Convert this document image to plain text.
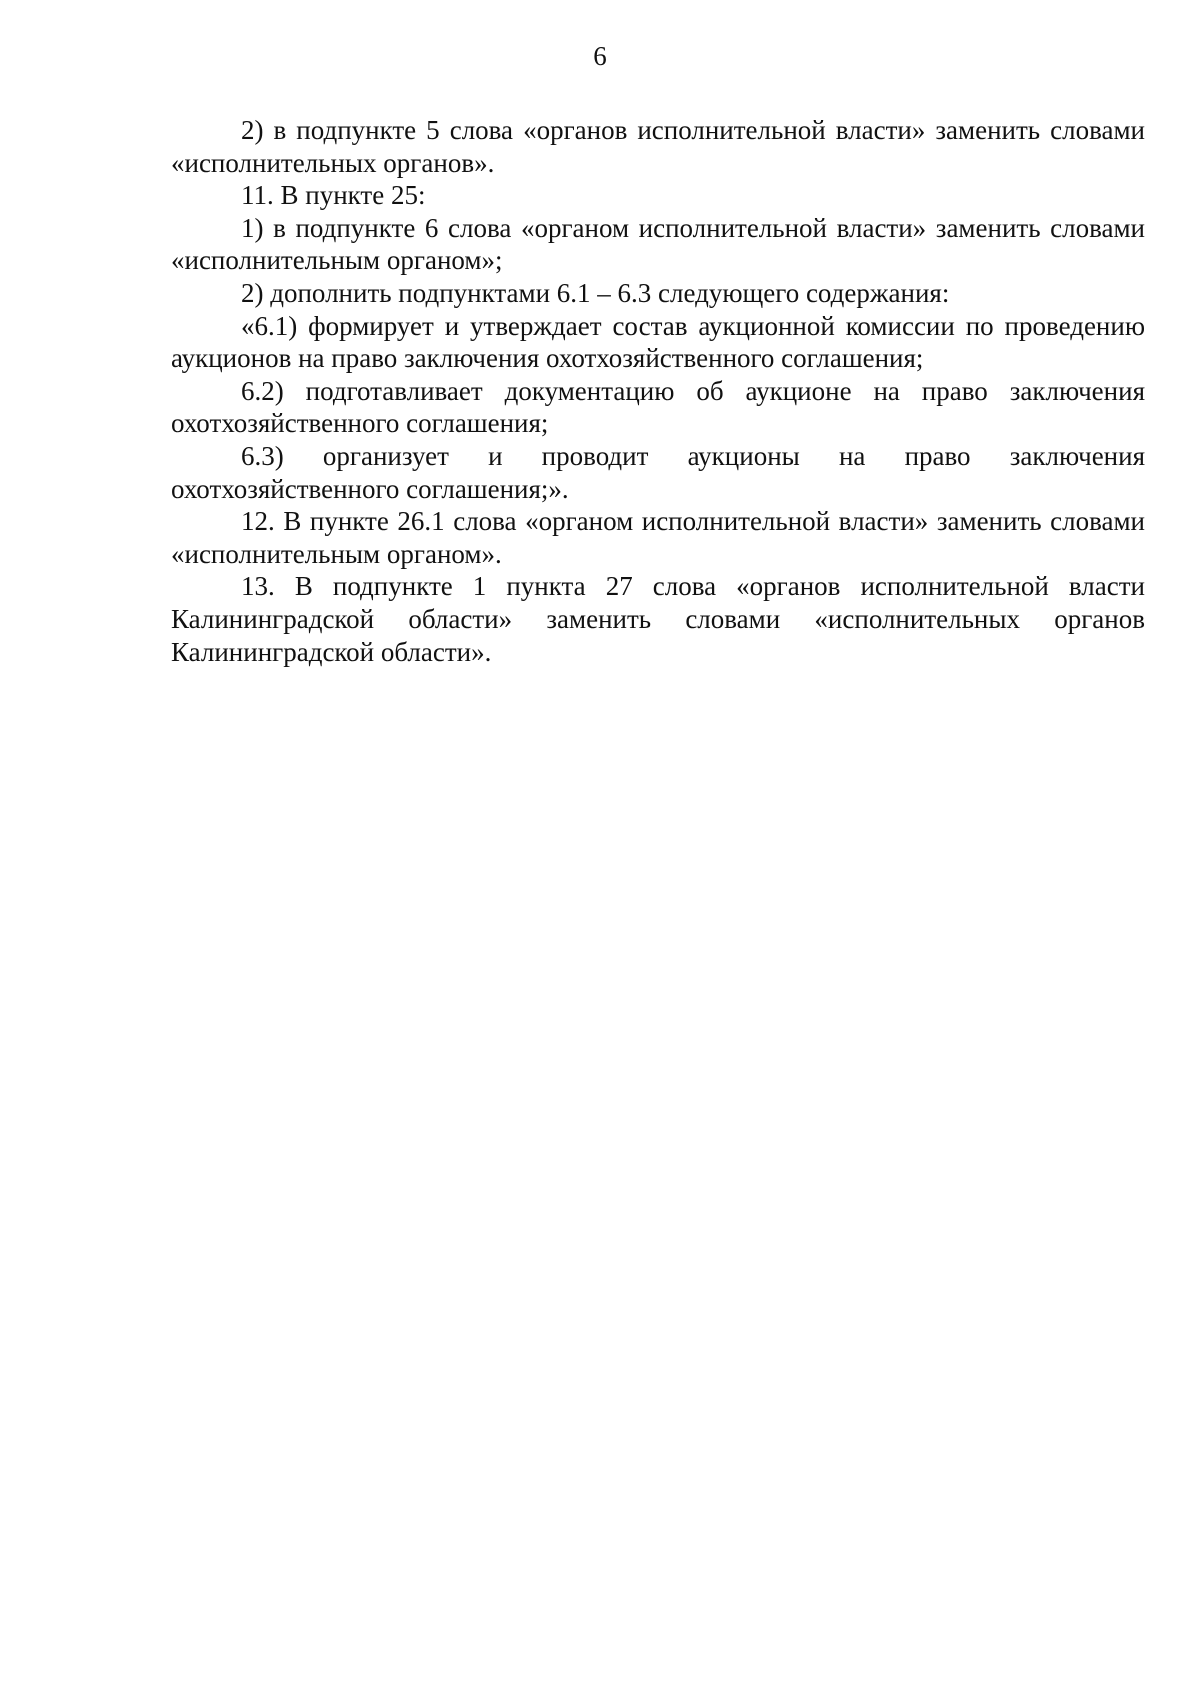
6

2) в подпункте 5 слова «органов исполнительной власти» заменить словами «исполнительных органов».

11. В пункте 25:

1) в подпункте 6 слова «органом исполнительной власти» заменить словами «исполнительным органом»;

2) дополнить подпунктами 6.1 – 6.3 следующего содержания:

«6.1) формирует и утверждает состав аукционной комиссии по проведению аукционов на право заключения охотхозяйственного соглашения;

6.2) подготавливает документацию об аукционе на право заключения охотхозяйственного соглашения;

6.3) организует и проводит аукционы на право заключения охотхозяйственного соглашения;».

12. В пункте 26.1 слова «органом исполнительной власти» заменить словами «исполнительным органом».

13. В подпункте 1 пункта 27 слова «органов исполнительной власти Калининградской области» заменить словами «исполнительных органов Калининградской области».
